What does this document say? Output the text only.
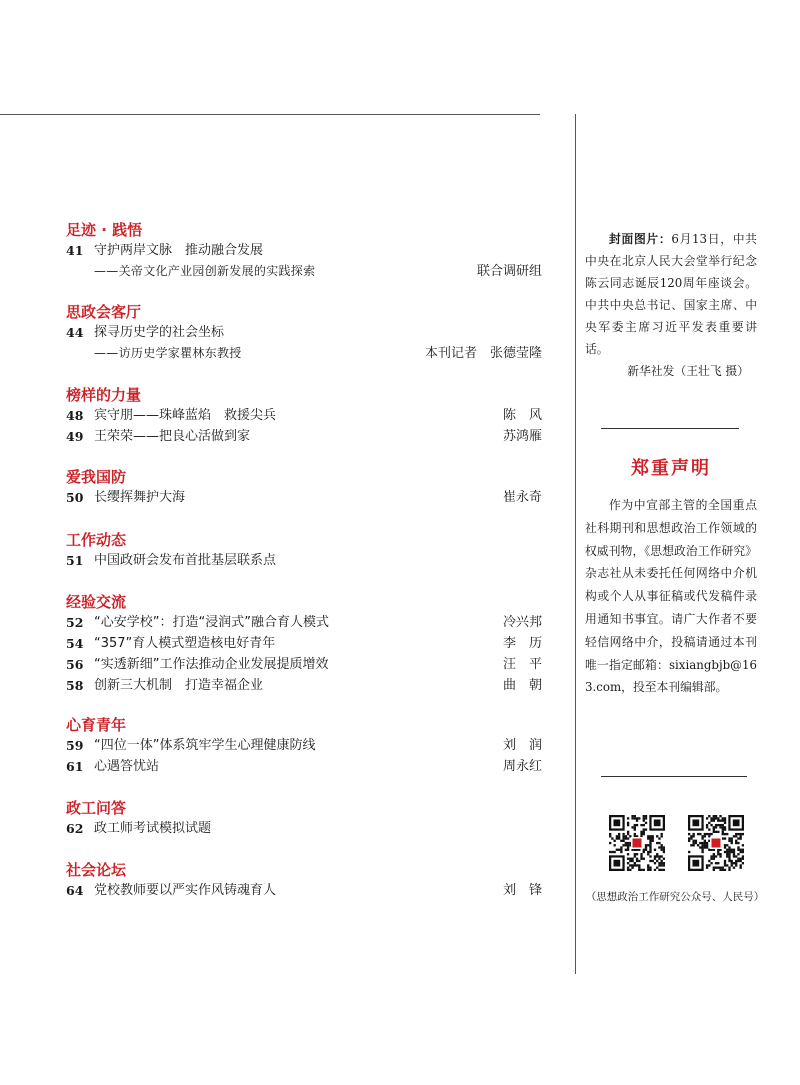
足迹 · 践悟
41 守护两岸文脉　推动融合发展
——关帝文化产业园创新发展的实践探索	联合调研组
思政会客厅
44 探寻历史学的社会坐标
——访历史学家瞿林东教授	本刊记者　张德莹隆
榜样的力量
48 宾守朋——珠峰蓝焰　救援尖兵	陈　风
49 王荣荣——把良心活做到家	苏鸿雁
爱我国防
50 长缨挥舞护大海	崔永奇
工作动态
51 中国政研会发布首批基层联系点
经验交流
52 “心安学校”：打造“浸润式”融合育人模式	冷兴邦
54 “357”育人模式塑造核电好青年	李　历
56 “实透新细”工作法推动企业发展提质增效	汪　平
58 创新三大机制　打造幸福企业	曲　朝
心育青年
59 “四位一体”体系筑牢学生心理健康防线	刘　润
61 心遇答忧站	周永红
政工问答
62 政工师考试模拟试题
社会论坛
64 党校教师要以严实作风铸魂育人	刘　锋
封面图片：6月13日，中共中央在北京人民大会堂举行纪念陈云同志诞辰120周年座谈会。中共中央总书记、国家主席、中央军委主席习近平发表重要讲话。
新华社发（王壮飞 摄）
郑重声明
作为中宣部主管的全国重点社科期刊和思想政治工作领域的权威刊物，《思想政治工作研究》杂志社从未委托任何网络中介机构或个人从事征稿或代发稿件录用通知书事宜。请广大作者不要轻信网络中介，投稿请通过本刊唯一指定邮箱：sixiangbjb@163.com，投至本刊编辑部。
（思想政治工作研究公众号、人民号）
